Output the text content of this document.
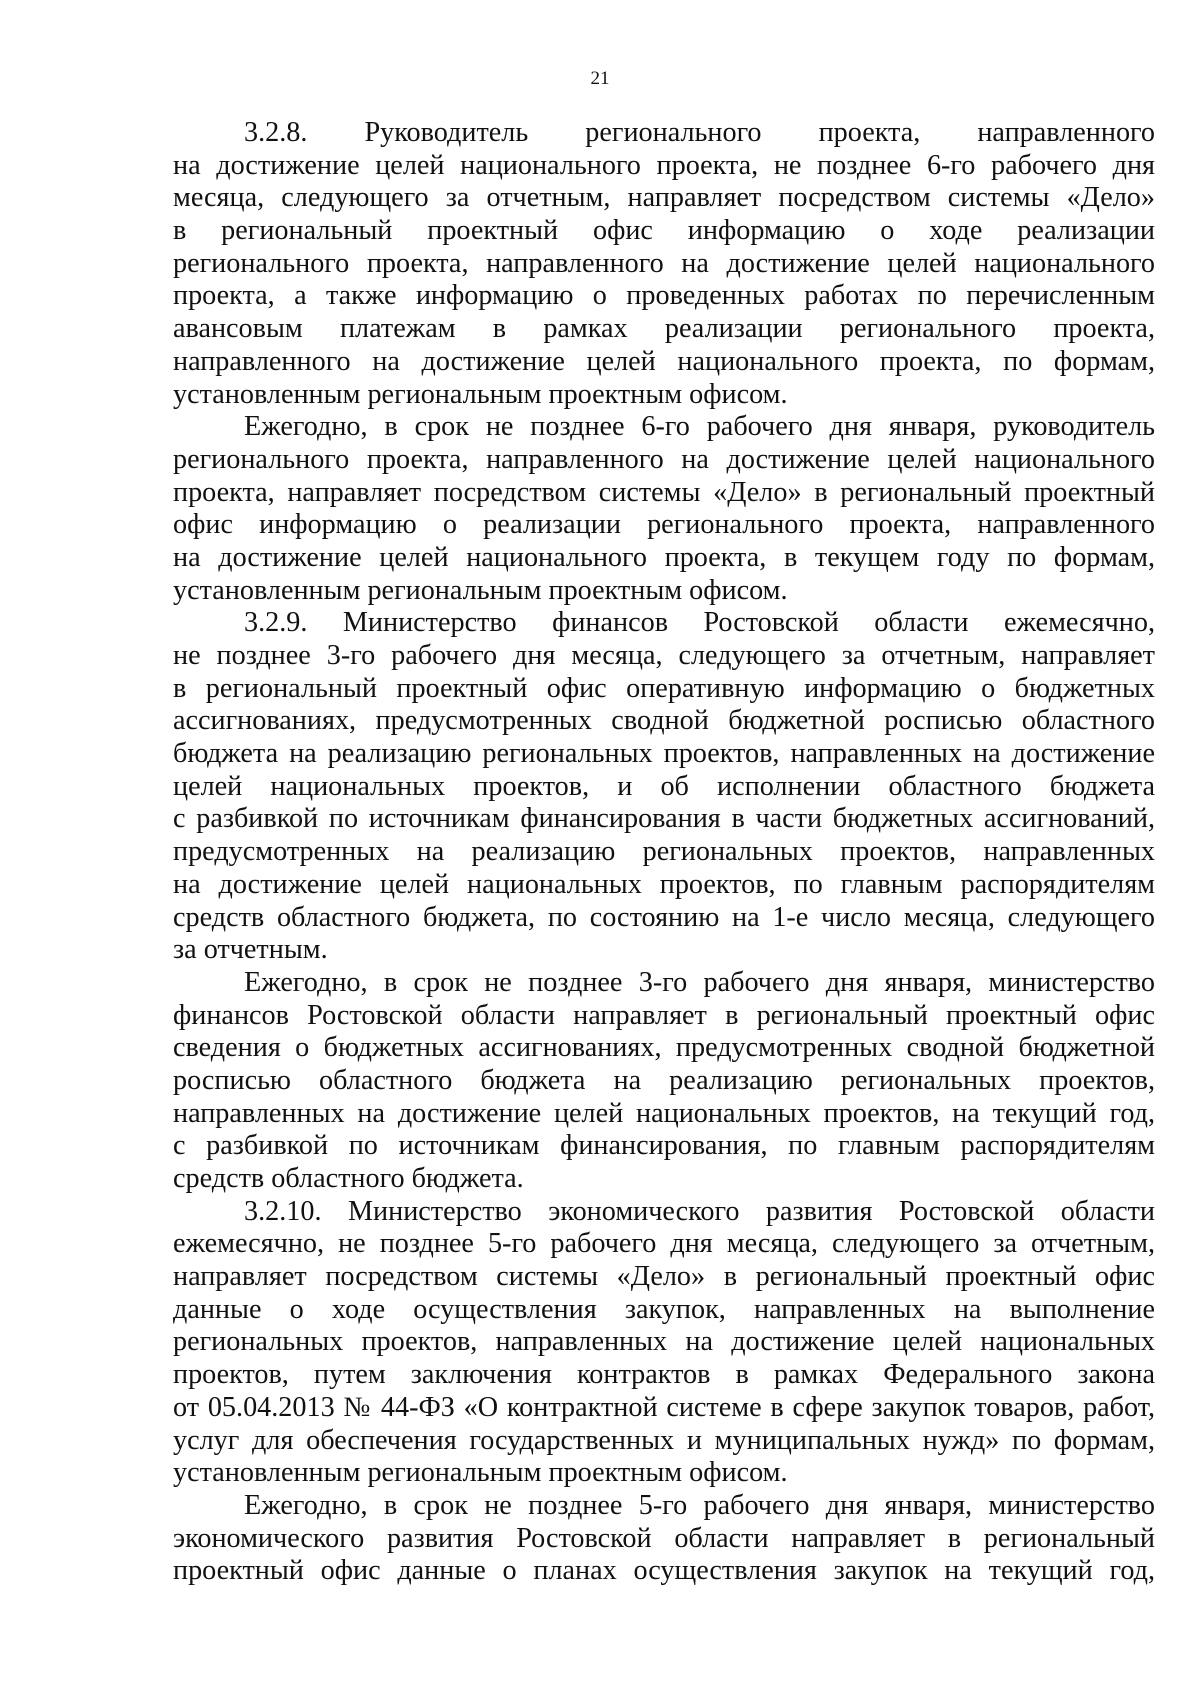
21
3.2.8. Руководитель регионального проекта, направленного
на достижение целей национального проекта, не позднее 6-го рабочего дня
месяца, следующего за отчетным, направляет посредством системы «Дело»
в региональный проектный офис информацию о ходе реализации
регионального проекта, направленного на достижение целей национального
проекта, а также информацию о проведенных работах по перечисленным
авансовым платежам в рамках реализации регионального проекта,
направленного на достижение целей национального проекта, по формам,
установленным региональным проектным офисом.
Ежегодно, в срок не позднее 6-го рабочего дня января, руководитель
регионального проекта, направленного на достижение целей национального
проекта, направляет посредством системы «Дело» в региональный проектный
офис информацию о реализации регионального проекта, направленного
на достижение целей национального проекта, в текущем году по формам,
установленным региональным проектным офисом.
3.2.9. Министерство финансов Ростовской области ежемесячно,
не позднее 3-го рабочего дня месяца, следующего за отчетным, направляет
в региональный проектный офис оперативную информацию о бюджетных
ассигнованиях, предусмотренных сводной бюджетной росписью областного
бюджета на реализацию региональных проектов, направленных на достижение
целей национальных проектов, и об исполнении областного бюджета
с разбивкой по источникам финансирования в части бюджетных ассигнований,
предусмотренных на реализацию региональных проектов, направленных
на достижение целей национальных проектов, по главным распорядителям
средств областного бюджета, по состоянию на 1-е число месяца, следующего
за отчетным.
Ежегодно, в срок не позднее 3-го рабочего дня января, министерство
финансов Ростовской области направляет в региональный проектный офис
сведения о бюджетных ассигнованиях, предусмотренных сводной бюджетной
росписью областного бюджета на реализацию региональных проектов,
направленных на достижение целей национальных проектов, на текущий год,
с разбивкой по источникам финансирования, по главным распорядителям
средств областного бюджета.
3.2.10. Министерство экономического развития Ростовской области
ежемесячно, не позднее 5-го рабочего дня месяца, следующего за отчетным,
направляет посредством системы «Дело» в региональный проектный офис
данные о ходе осуществления закупок, направленных на выполнение
региональных проектов, направленных на достижение целей национальных
проектов, путем заключения контрактов в рамках Федерального закона
от 05.04.2013 № 44-ФЗ «О контрактной системе в сфере закупок товаров, работ,
услуг для обеспечения государственных и муниципальных нужд» по формам,
установленным региональным проектным офисом.
Ежегодно, в срок не позднее 5-го рабочего дня января, министерство
экономического развития Ростовской области направляет в региональный
проектный офис данные о планах осуществления закупок на текущий год,
